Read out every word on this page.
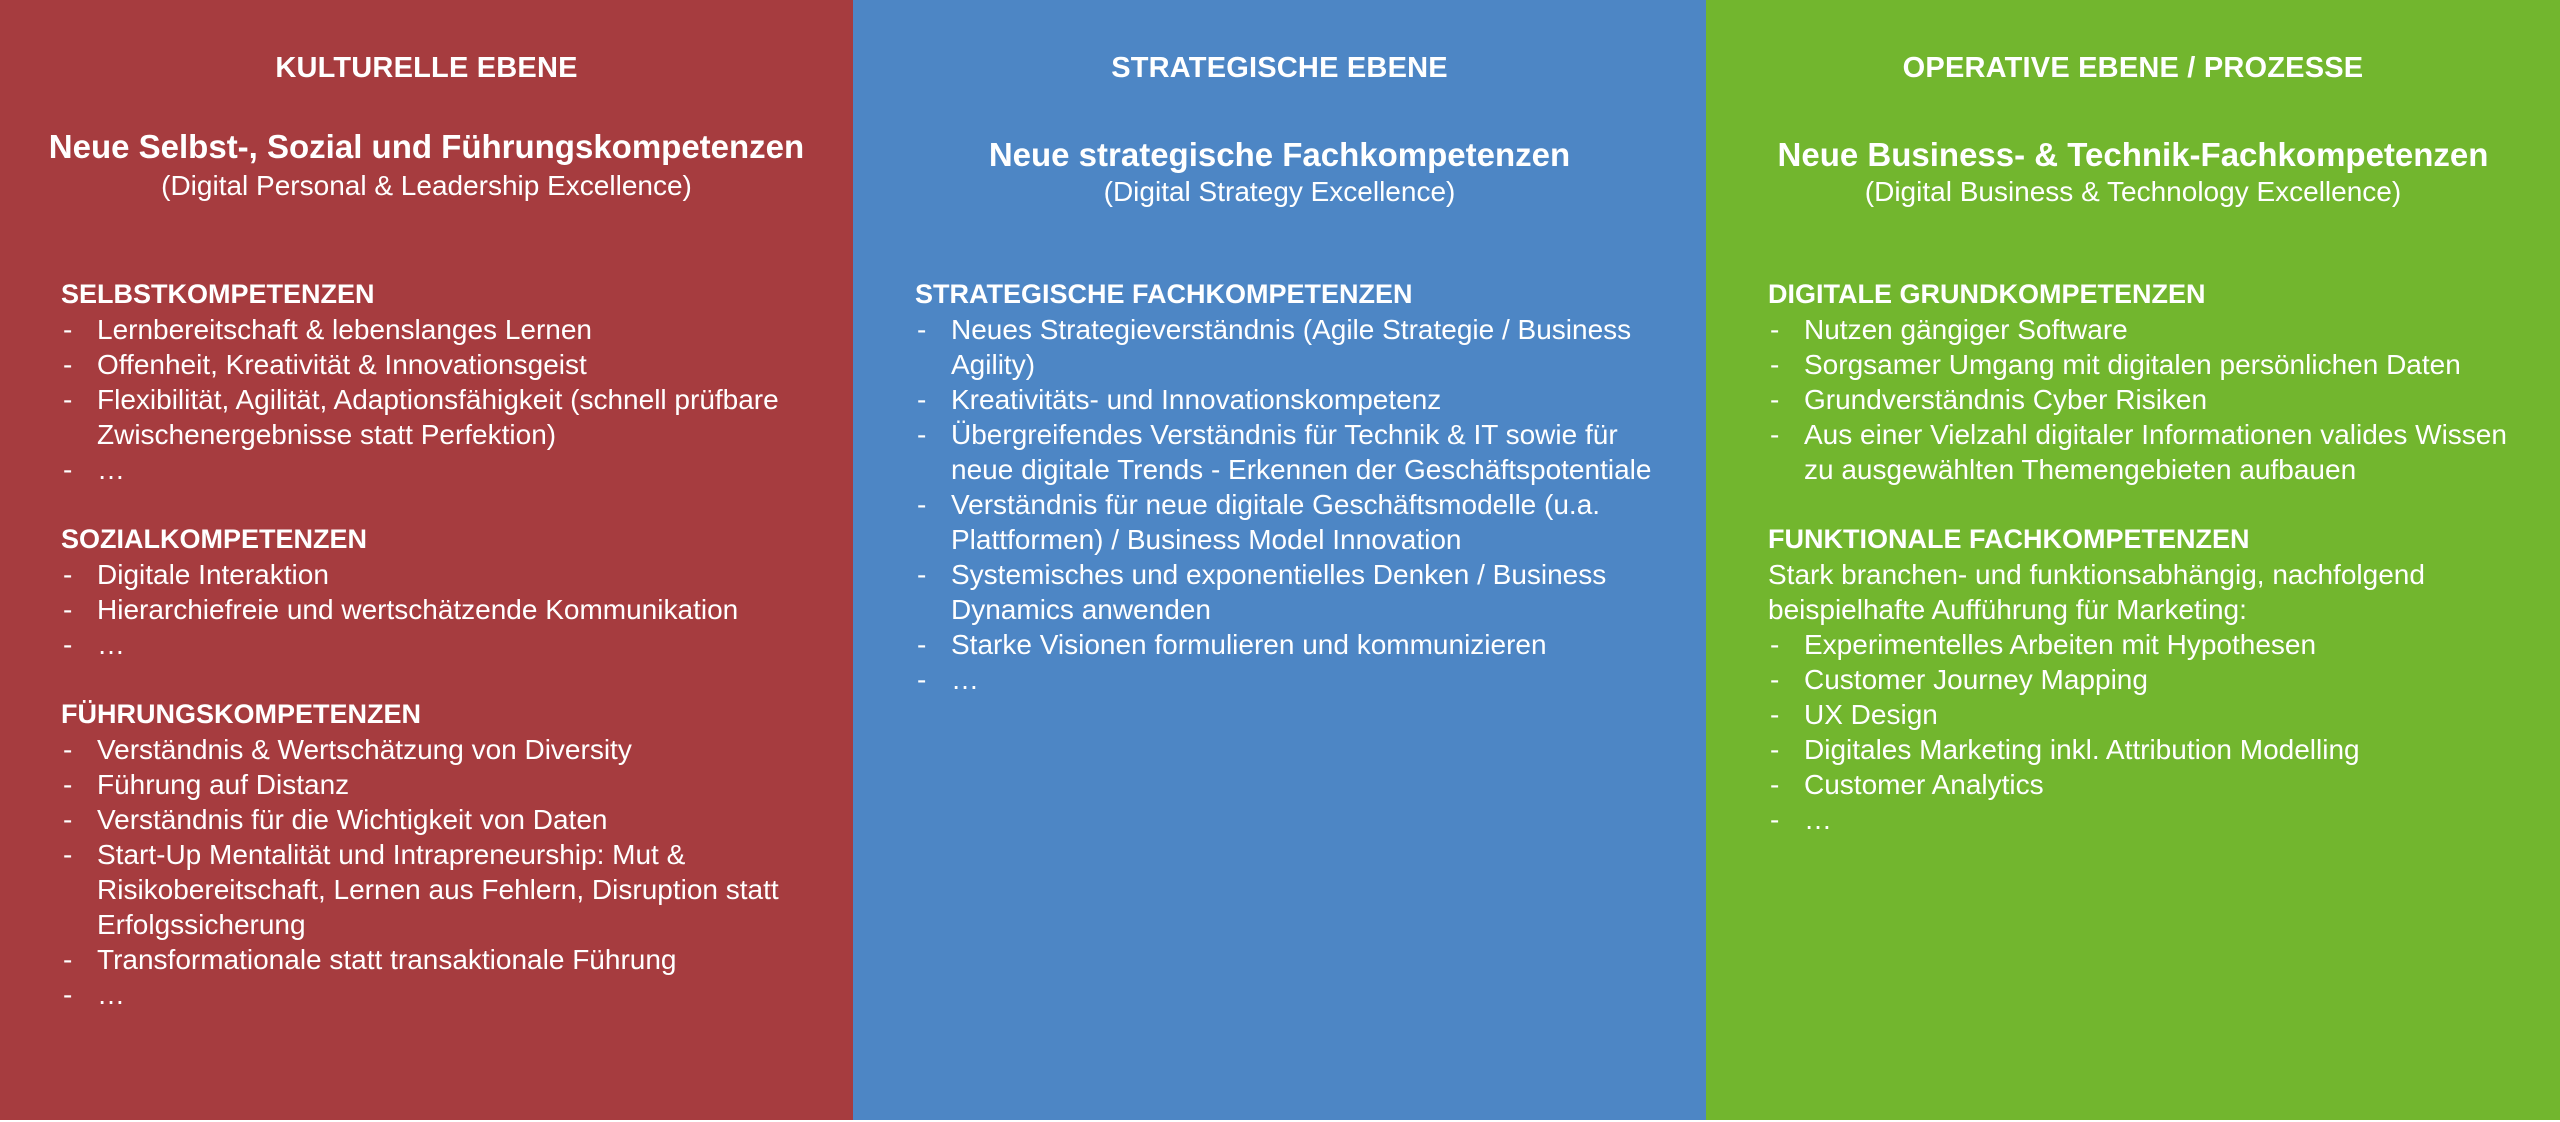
KULTURELLE EBENE
Neue Selbst-, Sozial und Führungskompetenzen
(Digital Personal & Leadership Excellence)
SELBSTKOMPETENZEN
- Lernbereitschaft & lebenslanges Lernen
- Offenheit, Kreativität & Innovationsgeist
- Flexibilität, Agilität, Adaptionsfähigkeit (schnell prüfbare Zwischenergebnisse statt Perfektion)
- …
SOZIALKOMPETENZEN
- Digitale Interaktion
- Hierarchiefreie und wertschätzende Kommunikation
- …
FÜHRUNGSKOMPETENZEN
- Verständnis & Wertschätzung von Diversity
- Führung auf Distanz
- Verständnis für die Wichtigkeit von Daten
- Start-Up Mentalität und Intrapreneurship: Mut & Risikobereitschaft, Lernen aus Fehlern, Disruption statt Erfolgssicherung
- Transformationale statt transaktionale Führung
- …
STRATEGISCHE EBENE
Neue strategische Fachkompetenzen
(Digital Strategy Excellence)
STRATEGISCHE FACHKOMPETENZEN
- Neues Strategieverständnis (Agile Strategie / Business Agility)
- Kreativitäts- und Innovationskompetenz
- Übergreifendes Verständnis für Technik & IT sowie für neue digitale Trends - Erkennen der Geschäftspotentiale
- Verständnis für neue digitale Geschäftsmodelle (u.a. Plattformen) / Business Model Innovation
- Systemisches und exponentielles Denken / Business Dynamics anwenden
- Starke Visionen formulieren und kommunizieren
- …
OPERATIVE EBENE / PROZESSE
Neue Business- & Technik-Fachkompetenzen
(Digital Business & Technology Excellence)
DIGITALE GRUNDKOMPETENZEN
- Nutzen gängiger Software
- Sorgsamer Umgang mit digitalen persönlichen Daten
- Grundverständnis Cyber Risiken
- Aus einer Vielzahl digitaler Informationen valides Wissen zu ausgewählten Themengebieten aufbauen
FUNKTIONALE FACHKOMPETENZEN

Stark branchen- und funktionsabhängig, nachfolgend beispielhafte Aufführung für Marketing:

- Experimentelles Arbeiten mit Hypothesen
- Customer Journey Mapping
- UX Design
- Digitales Marketing inkl. Attribution Modelling
- Customer Analytics
- …
